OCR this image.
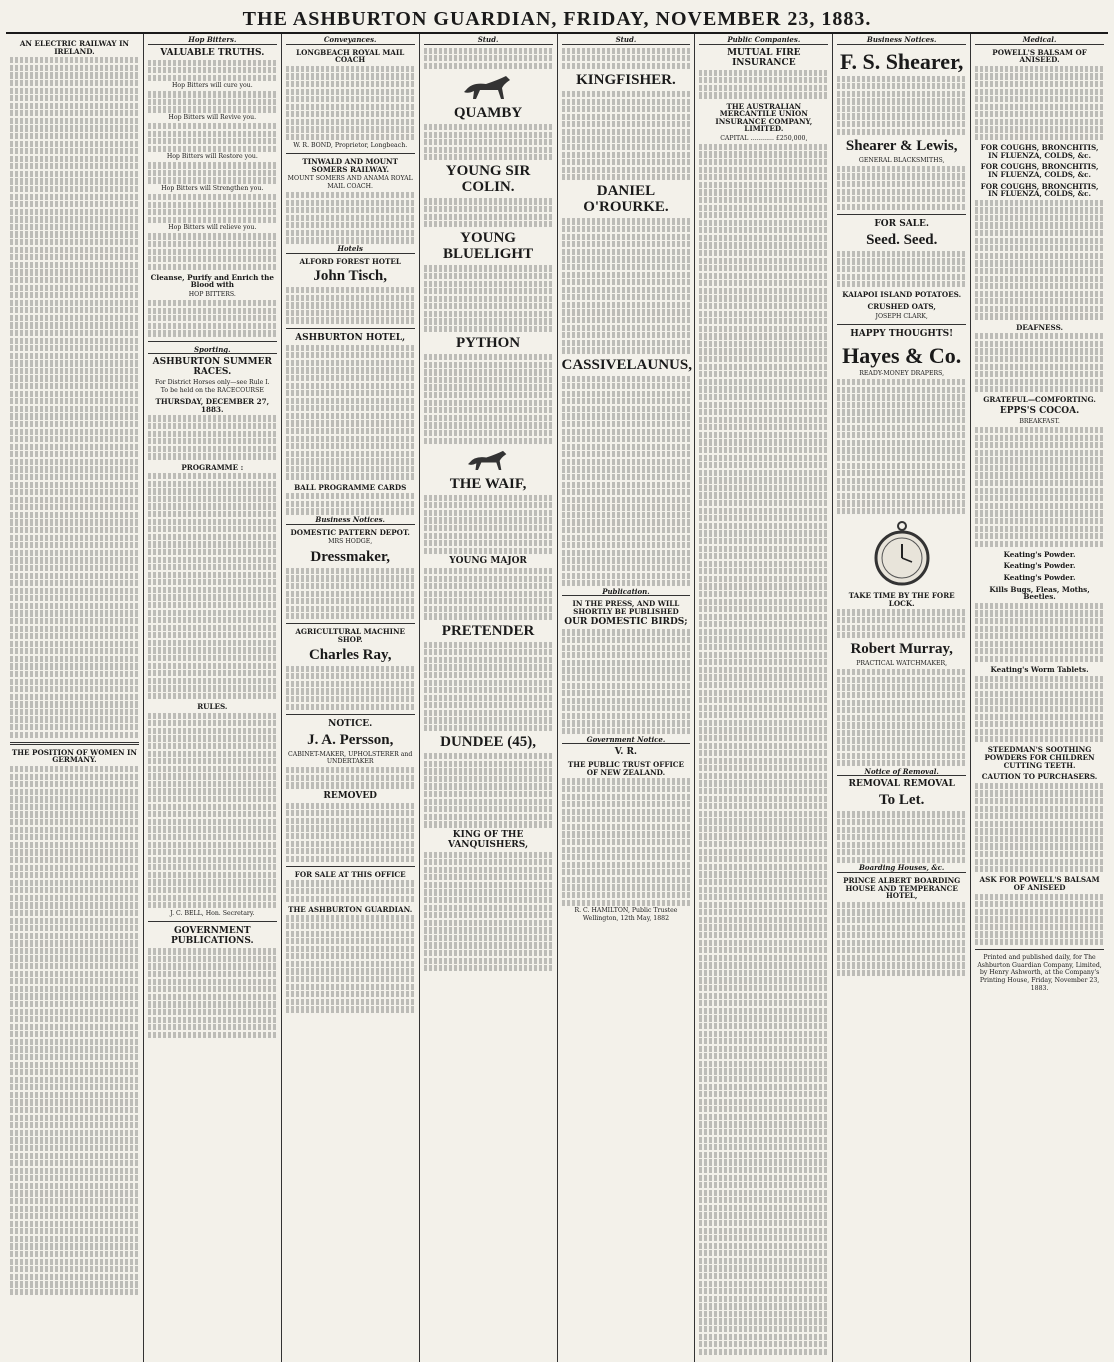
THE ASHBURTON GUARDIAN, FRIDAY, NOVEMBER 23, 1883.
AN ELECTRIC RAILWAY IN IRELAND.
THE POSITION OF WOMEN IN GERMANY.
Hop Bitters.
VALUABLE TRUTHS.
Hop Bitters will cure you.
Hop Bitters will Revive you.
Hop Bitters will Restore you.
Hop Bitters will Strengthen you.
Hop Bitters will relieve you.
Cleanse, Purify and Enrich the Blood with
HOP BITTERS.
Sporting.
ASHBURTON SUMMER RACES.
For District Horses only—see Rule I.
To be held on the RACECOURSE
THURSDAY, DECEMBER 27, 1883.
PROGRAMME :
RULES.
J. C. BELL, Hon. Secretary.
GOVERNMENT PUBLICATIONS.
Conveyances.
LONGBEACH ROYAL MAIL COACH
W. R. BOND, Proprietor, Longbeach.
TINWALD AND MOUNT SOMERS RAILWAY.
MOUNT SOMERS AND ANAMA ROYAL MAIL COACH.
Hotels
ALFORD FOREST HOTEL
John Tisch,
ASHBURTON HOTEL,
BALL PROGRAMME CARDS
Business Notices.
DOMESTIC PATTERN DEPOT.
MRS HODGE,
Dressmaker,
AGRICULTURAL MACHINE SHOP.
Charles Ray,
NOTICE.
J. A. Persson,
CABINET-MAKER, UPHOLSTERER and UNDERTAKER
REMOVED
FOR SALE AT THIS OFFICE
THE ASHBURTON GUARDIAN.
Stud.
QUAMBY
YOUNG SIR COLIN.
YOUNG BLUELIGHT
PYTHON
THE WAIF,
YOUNG MAJOR
PRETENDER
DUNDEE (45),
KING OF THE VANQUISHERS,
Stud.
KINGFISHER.
DANIEL O'ROURKE.
CASSIVELAUNUS,
Publication.
IN THE PRESS, AND WILL SHORTLY BE PUBLISHED
OUR DOMESTIC BIRDS;
Government Notice.
V. R.
THE PUBLIC TRUST OFFICE OF NEW ZEALAND.
R. C. HAMILTON, Public Trustee
Wellington, 12th May, 1882
Public Companies.
MUTUAL FIRE INSURANCE
THE AUSTRALIAN MERCANTILE UNION INSURANCE COMPANY, LIMITED.
CAPITAL ............ £250,000,
Business Notices.
F. S. Shearer,
Shearer & Lewis,
GENERAL BLACKSMITHS,
FOR SALE.
Seed. Seed.
KAIAPOI ISLAND POTATOES.
CRUSHED OATS,
JOSEPH CLARK,
HAPPY THOUGHTS!
Hayes & Co.
READY-MONEY DRAPERS,
TAKE TIME BY THE FORE LOCK.
Robert Murray,
PRACTICAL WATCHMAKER,
Notice of Removal.
REMOVAL REMOVAL
To Let.
Boarding Houses, &c.
PRINCE ALBERT BOARDING HOUSE AND TEMPERANCE HOTEL,
Medical.
POWELL'S BALSAM OF ANISEED.
FOR COUGHS, BRONCHITIS, IN FLUENZA, COLDS, &c.
FOR COUGHS, BRONCHITIS, IN FLUENZA, COLDS, &c.
FOR COUGHS, BRONCHITIS, IN FLUENZA, COLDS, &c.
DEAFNESS.
GRATEFUL—COMFORTING.
EPPS'S COCOA.
BREAKFAST.
Keating's Powder.
Keating's Powder.
Keating's Powder.
Kills Bugs, Fleas, Moths, Beetles.
Keating's Worm Tablets.
STEEDMAN'S SOOTHING POWDERS FOR CHILDREN CUTTING TEETH.
CAUTION TO PURCHASERS.
ASK FOR POWELL'S BALSAM OF ANISEED
Printed and published daily, for The Ashburton Guardian Company, Limited, by Henry Ashworth, at the Company's Printing House, Friday, November 23, 1883.
